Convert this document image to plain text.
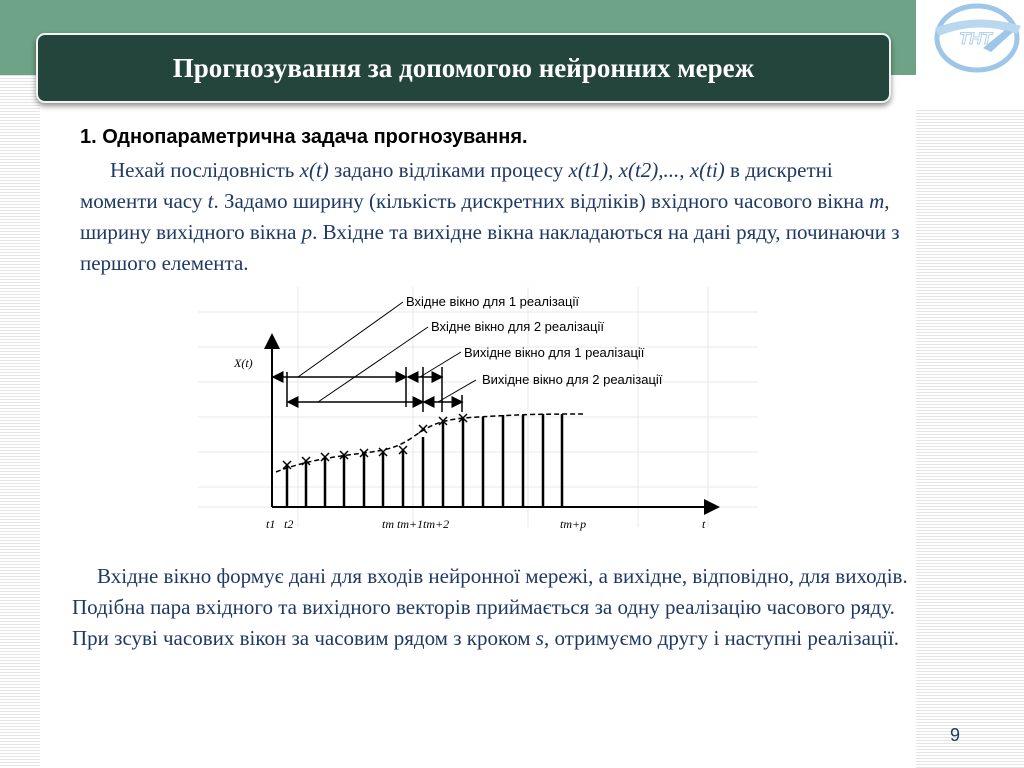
ТНТ
Прогнозування за допомогою нейронних мереж
1. Однопараметрична задача прогнозування.
Нехай послідовність x(t) задано відліками процесу x(t1), x(t2),..., x(ti) в дискретні моменти часу t. Задамо ширину (кількість дискретних відліків) вхідного часового вікна m, ширину вихідного вікна p. Вхідне та вихідне вікна накладаються на дані ряду, починаючи з першого елемента.
Вхідне вікно для 1 реалізації
Вхідне вікно для 2 реалізації
Вихідне вікно для 1 реалізації
Вихідне вікно для 2 реалізації
X(t)
t
t1 t2	tm tm+1 tm+2	tm+p
Вхідне вікно формує дані для входів нейронної мережі, а вихідне, відповідно, для виходів. Подібна пара вхідного та вихідного векторів приймається за одну реалізацію часового ряду. При зсуві часових вікон за часовим рядом з кроком s, отримуємо другу і наступні реалізації.
9
